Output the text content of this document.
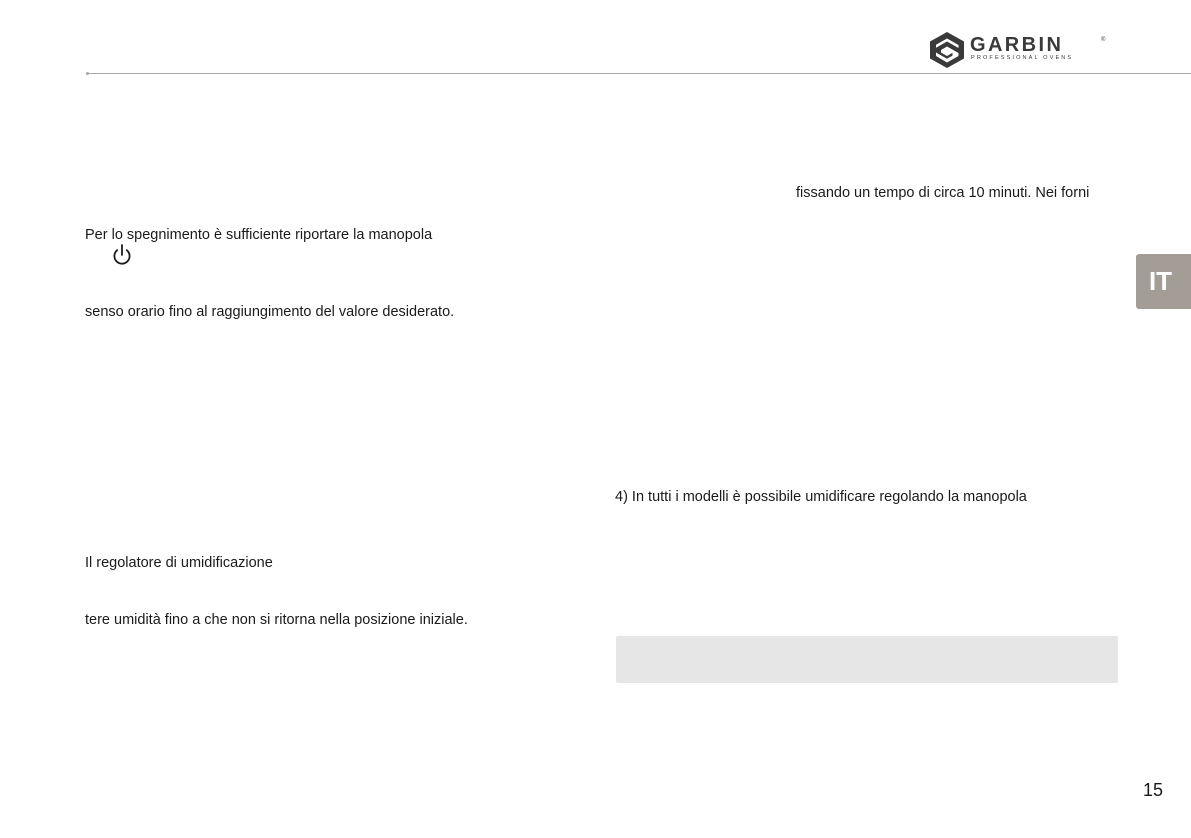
GARBIN	®
PROFESSIONAL OVENS
IT
Per lo spegnimento è sufficiente riportare la manopola
senso orario fino al raggiungimento del valore desiderato.
Il regolatore di umidificazione
tere umidità fino a che non si ritorna nella posizione iniziale.
fissando un tempo di circa 10 minuti. Nei forni
4) In tutti i modelli è possibile umidificare regolando la manopola
15
